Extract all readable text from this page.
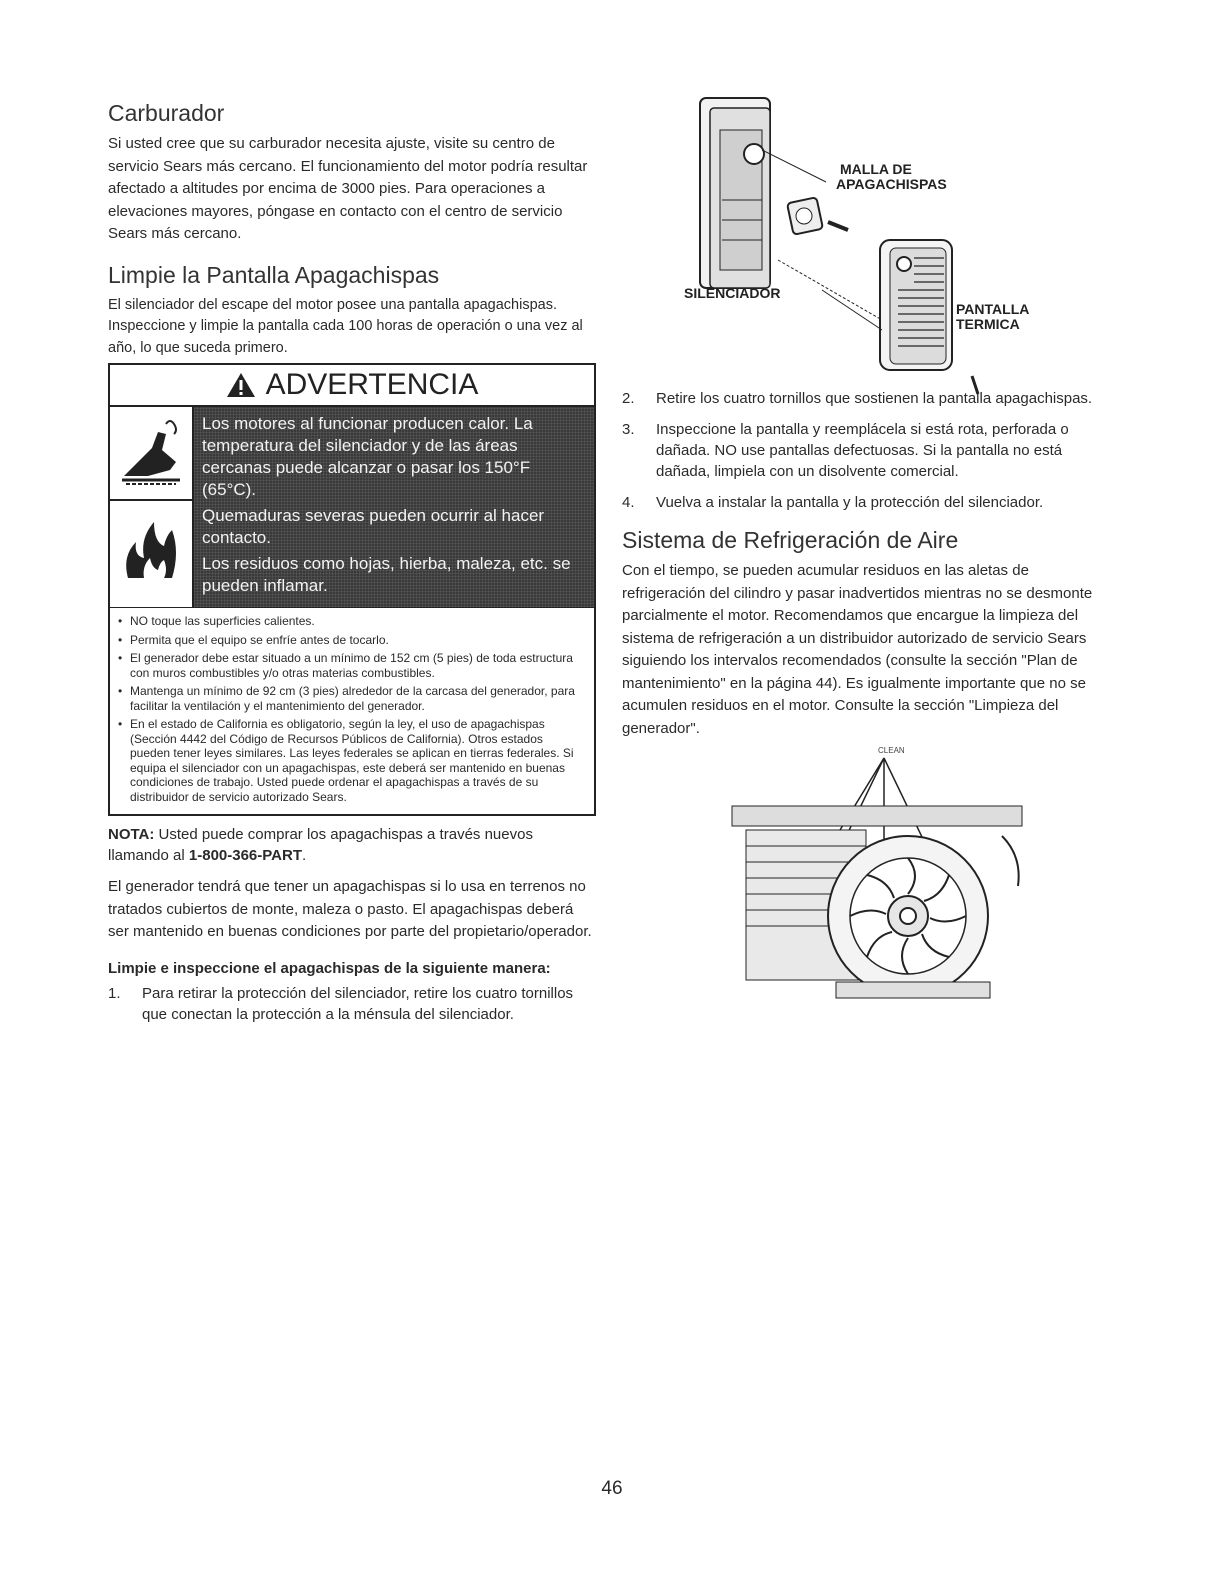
Carburador

Si usted cree que su carburador necesita ajuste, visite su centro de servicio Sears más cercano. El funcionamiento del motor podría resultar afectado a altitudes por encima de 3000 pies. Para operaciones a elevaciones mayores, póngase en contacto con el centro de servicio Sears más cercano.

Limpie la Pantalla Apagachispas

El silenciador del escape del motor posee una pantalla apagachispas. Inspeccione y limpie la pantalla cada 100 horas de operación o una vez al año, lo que suceda primero.

ADVERTENCIA
Los motores al funcionar producen calor. La temperatura del silenciador y de las áreas cercanas puede alcanzar o pasar los 150°F (65°C).
Quemaduras severas pueden ocurrir al hacer contacto.
Los residuos como hojas, hierba, maleza, etc. se pueden inflamar.
• NO toque las superficies calientes.
• Permita que el equipo se enfríe antes de tocarlo.
• El generador debe estar situado a un mínimo de 152 cm (5 pies) de toda estructura con muros combustibles y/o otras materias combustibles.
• Mantenga un mínimo de 92 cm (3 pies) alrededor de la carcasa del generador, para facilitar la ventilación y el mantenimiento del generador.
• En el estado de California es obligatorio, según la ley, el uso de apagachispas (Sección 4442 del Código de Recursos Públicos de California). Otros estados pueden tener leyes similares. Las leyes federales se aplican en tierras federales. Si equipa el silenciador con un apagachispas, este deberá ser mantenido en buenas condiciones de trabajo. Usted puede ordenar el apagachispas a través de su distribuidor de servicio autorizado Sears.
NOTA: Usted puede comprar los apagachispas a través nuevos llamando al 1-800-366-PART.

El generador tendrá que tener un apagachispas si lo usa en terrenos no tratados cubiertos de monte, maleza o pasto. El apagachispas deberá ser mantenido en buenas condiciones por parte del propietario/operador.

Limpie e inspeccione el apagachispas de la siguiente manera:
1.	Para retirar la protección del silenciador, retire los cuatro tornillos que conectan la protección a la ménsula del silenciador.
MALLA DE
APAGACHISPAS
SILENCIADOR
PANTALLA
TERMICA
2.	Retire los cuatro tornillos que sostienen la pantalla apagachispas.
3.	Inspeccione la pantalla y reemplácela si está rota, perforada o dañada. NO use pantallas defectuosas. Si la pantalla no está dañada, limpiela con un disolvente comercial.
4.	Vuelva a instalar la pantalla y la protección del silenciador.
Sistema de Refrigeración de Aire

Con el tiempo, se pueden acumular residuos en las aletas de refrigeración del cilindro y pasar inadvertidos mientras no se desmonte parcialmente el motor. Recomendamos que encargue la limpieza del sistema de refrigeración a un distribuidor autorizado de servicio Sears siguiendo los intervalos recomendados (consulte la sección "Plan de mantenimiento" en la página 44). Es igualmente importante que no se acumulen residuos en el motor. Consulte la sección "Limpieza del generador".

CLEAN
46
